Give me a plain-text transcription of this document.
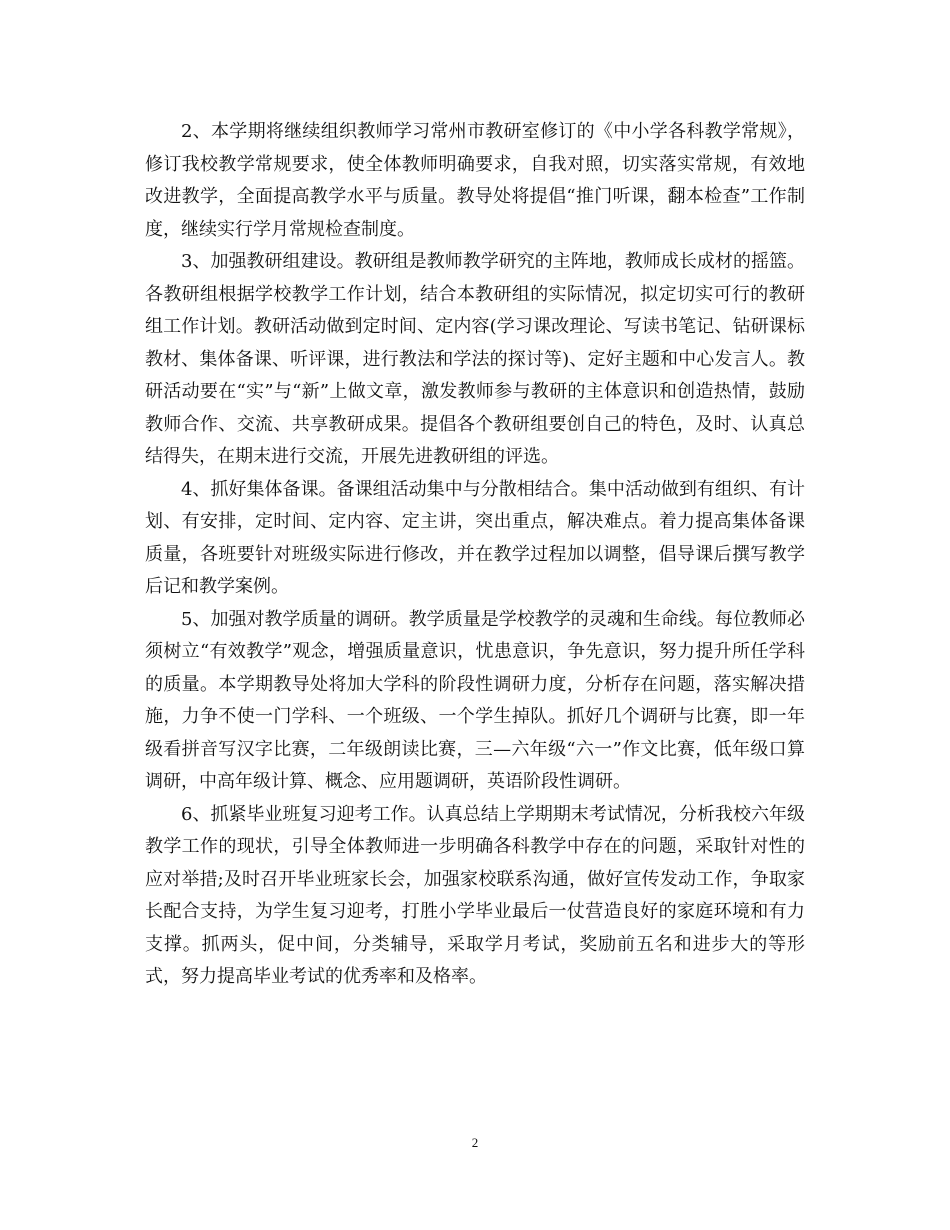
2、本学期将继续组织教师学习常州市教研室修订的《中小学各科教学常规》，修订我校教学常规要求，使全体教师明确要求，自我对照，切实落实常规，有效地改进教学，全面提高教学水平与质量。教导处将提倡“推门听课，翻本检查”工作制度，继续实行学月常规检查制度。

3、加强教研组建设。教研组是教师教学研究的主阵地，教师成长成材的摇篮。各教研组根据学校教学工作计划，结合本教研组的实际情况，拟定切实可行的教研组工作计划。教研活动做到定时间、定内容(学习课改理论、写读书笔记、钻研课标教材、集体备课、听评课，进行教法和学法的探讨等)、定好主题和中心发言人。教研活动要在“实”与“新”上做文章，激发教师参与教研的主体意识和创造热情，鼓励教师合作、交流、共享教研成果。提倡各个教研组要创自己的特色，及时、认真总结得失，在期末进行交流，开展先进教研组的评选。

4、抓好集体备课。备课组活动集中与分散相结合。集中活动做到有组织、有计划、有安排，定时间、定内容、定主讲，突出重点，解决难点。着力提高集体备课质量，各班要针对班级实际进行修改，并在教学过程加以调整，倡导课后撰写教学后记和教学案例。

5、加强对教学质量的调研。教学质量是学校教学的灵魂和生命线。每位教师必须树立“有效教学”观念，增强质量意识，忧患意识，争先意识，努力提升所任学科的质量。本学期教导处将加大学科的阶段性调研力度，分析存在问题，落实解决措施，力争不使一门学科、一个班级、一个学生掉队。抓好几个调研与比赛，即一年级看拼音写汉字比赛，二年级朗读比赛，三—六年级“六一”作文比赛，低年级口算调研，中高年级计算、概念、应用题调研，英语阶段性调研。

6、抓紧毕业班复习迎考工作。认真总结上学期期末考试情况，分析我校六年级教学工作的现状，引导全体教师进一步明确各科教学中存在的问题，采取针对性的应对举措;及时召开毕业班家长会，加强家校联系沟通，做好宣传发动工作，争取家长配合支持，为学生复习迎考，打胜小学毕业最后一仗营造良好的家庭环境和有力支撑。抓两头，促中间，分类辅导，采取学月考试，奖励前五名和进步大的等形式，努力提高毕业考试的优秀率和及格率。

2
